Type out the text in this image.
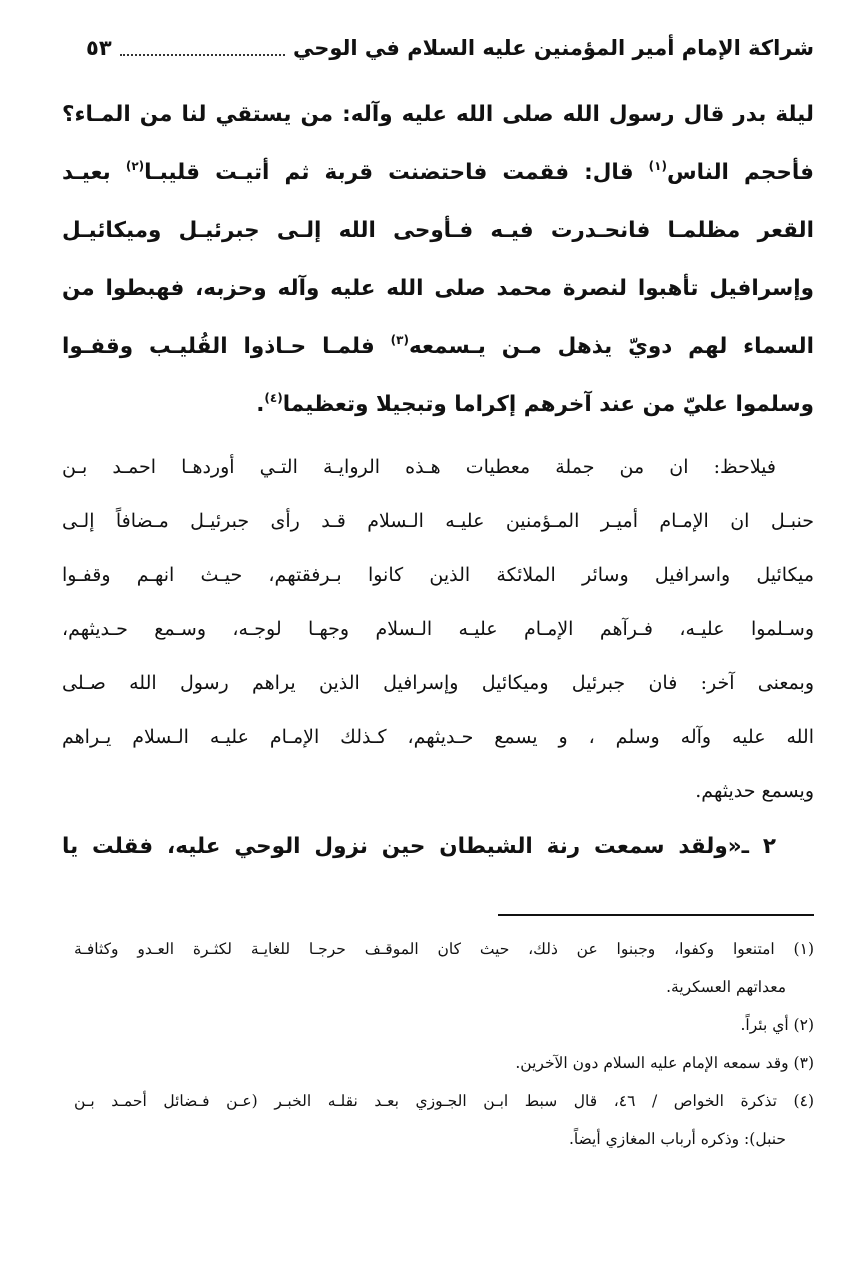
شراكة الإمام أمير المؤمنين عليه السلام في الوحي
٥٣

ليلة بدر قال رسول الله صلى الله عليه وآله: من يستقي لنا من المـاء؟

فأحجم الناس$^{(١)}$ قال: فقمت فاحتضنت قربة ثم أتيـت قليبـا$^{(٢)}$ بعيـد

القعر مظلمـا فانحـدرت فيـه فـأوحى الله إلـى جبرئيـل وميكائيـل

وإسرافيل تأهبوا لنصرة محمد صلى الله عليه وآله وحزبه، فهبطوا من

السماء لهم دويّ يذهل مـن يـسمعه$^{(٣)}$ فلمـا حـاذوا القُليـب وقفـوا

وسلموا عليّ من عند آخرهم إكراما وتبجيلا وتعظيما$^{(٤)}$.

فيلاحظ: ان من جملة معطيات هـذه الروايـة التـي أوردهـا احمـد بـن

حنبـل ان الإمـام أميـر المـؤمنين عليـه الـسلام قـد رأى جبرئيـل مـضافاً إلـى

ميكائيل واسرافيل وسائر الملائكة الذين كانوا بـرفقتهم، حيـث انهـم وقفـوا

وسـلموا عليـه، فـرآهم الإمـام عليـه الـسلام وجهـا لوجـه، وسـمع حـديثهم،

وبمعنى آخر: فان جبرئيل وميكائيل وإسرافيل الذين يراهم رسول الله صـلى

الله عليه وآله وسلم ، و يسمع حـديثهم، كـذلك الإمـام عليـه الـسلام يـراهم

ويسمع حديثهم.

٢ ـ«ولقد سمعت رنة الشيطان حين نزول الوحي عليه، فقلت يا

(١) امتنعوا وكفوا، وجبنوا عن ذلك، حيث كان الموقـف حرجـا للغايـة لكثـرة العـدو وكثافـة

معداتهم العسكرية.

(٢) أي بئراً.

(٣) وقد سمعه الإمام عليه السلام دون الآخرين.

(٤) تذكرة الخواص / ٤٦، قال سبط ابـن الجـوزي بعـد نقلـه الخبـر (عـن فـضائل أحمـد بـن

حنبل): وذكره أرباب المغازي أيضاً.
